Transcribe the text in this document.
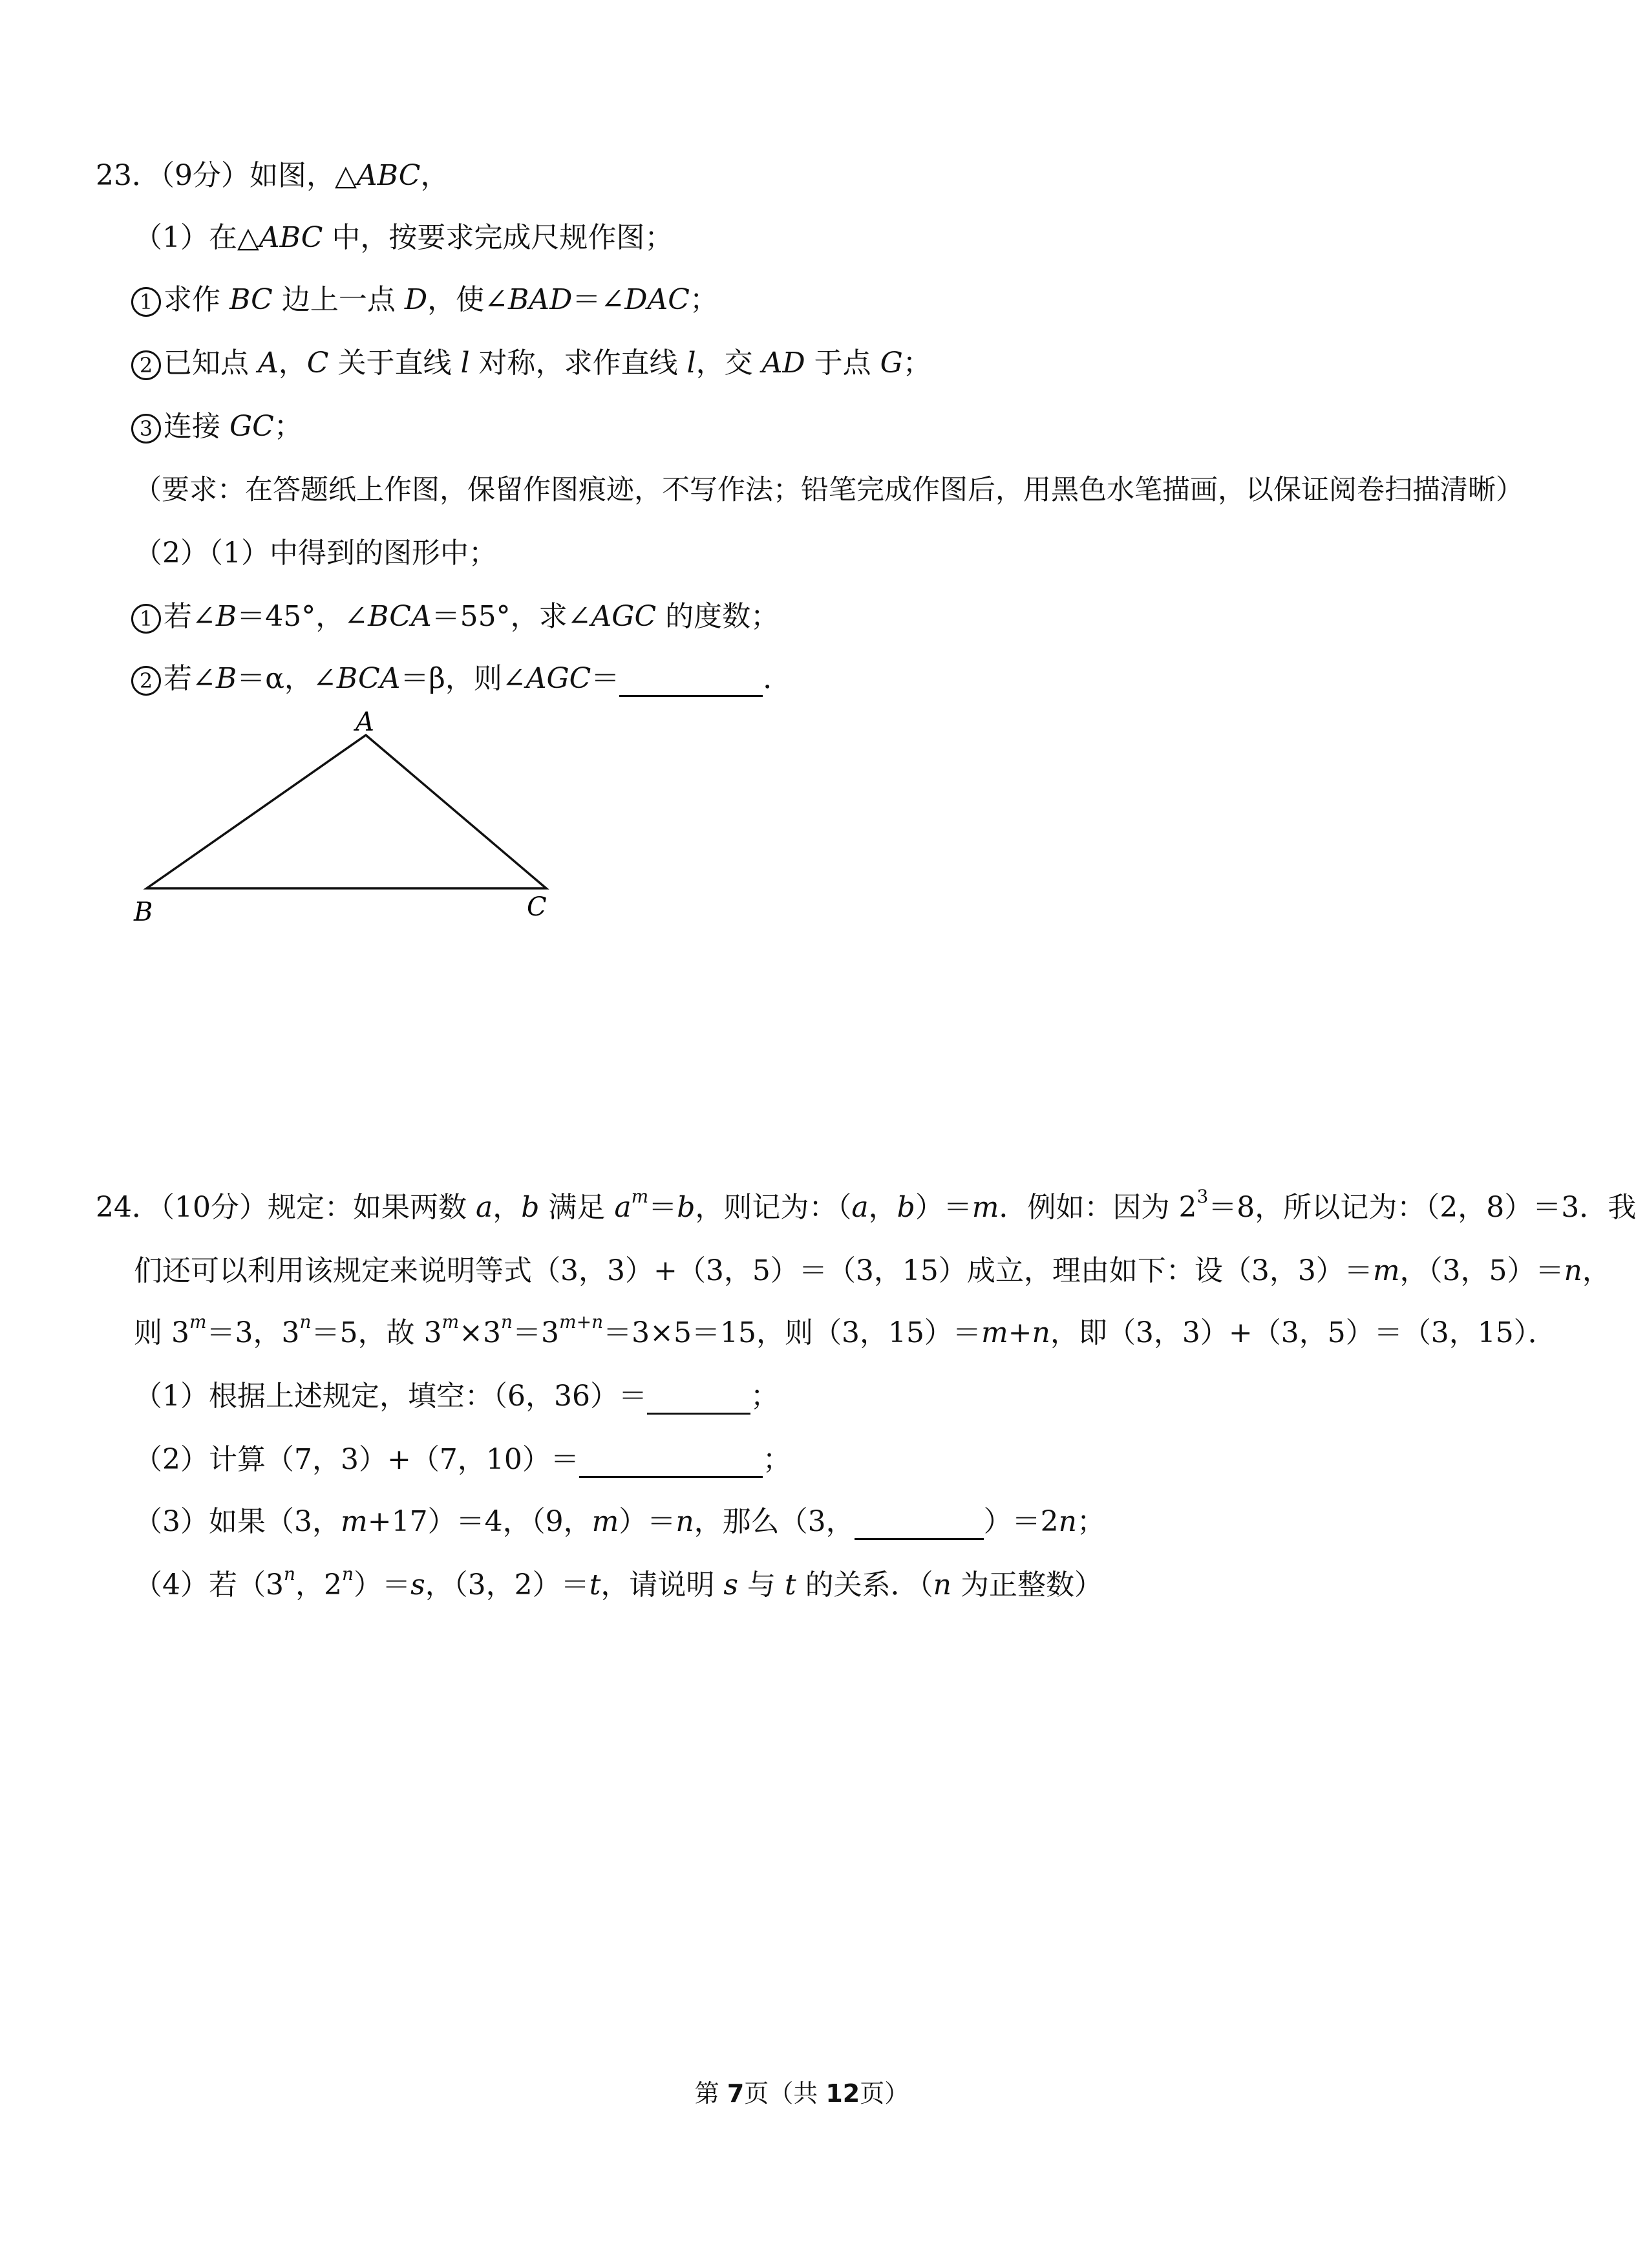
23．（9分）如图，△ABC，
（1）在△ABC 中，按要求完成尺规作图；
1 求作 BC 边上一点 D，使∠BAD＝∠DAC；
2 已知点 A，C 关于直线 l 对称，求作直线 l，交 AD 于点 G；
3 连接 GC；
（要求：在答题纸上作图，保留作图痕迹，不写作法；铅笔完成作图后，用黑色水笔描画，以保证阅卷扫描清晰）
（2）（1）中得到的图形中；
1 若∠B＝45°，∠BCA＝55°，求∠AGC 的度数；
2 若∠B＝α，∠BCA＝β，则∠AGC＝	．
A
B	C
24．（10分）规定：如果两数 a，b 满足 $a^m=b$，则记为：（a，b）＝m．例如：因为 $2^3=8$，所以记为：（2，8）＝3．我
们还可以利用该规定来说明等式（3，3）+（3，5）＝（3，15）成立，理由如下：设（3，3）＝m，（3，5）＝n，
则 $3^m=3$，$3^n=5$，故 $3^m\times 3^n=3^{m+n}=3\times 5=15$，则（3，15）＝m+n，即（3，3）+（3，5）＝（3，15）．
（1）根据上述规定，填空：（6，36）＝	；
（2）计算（7，3）+（7，10）＝	；
（3）如果（3，m+17）＝4，（9，m）＝n，那么（3，	）＝2n；
（4）若（3$^n$，$2^n)=s$，（3，2）＝t，请说明 s 与 t 的关系．（n 为正整数）
第 7页（共 12页）
